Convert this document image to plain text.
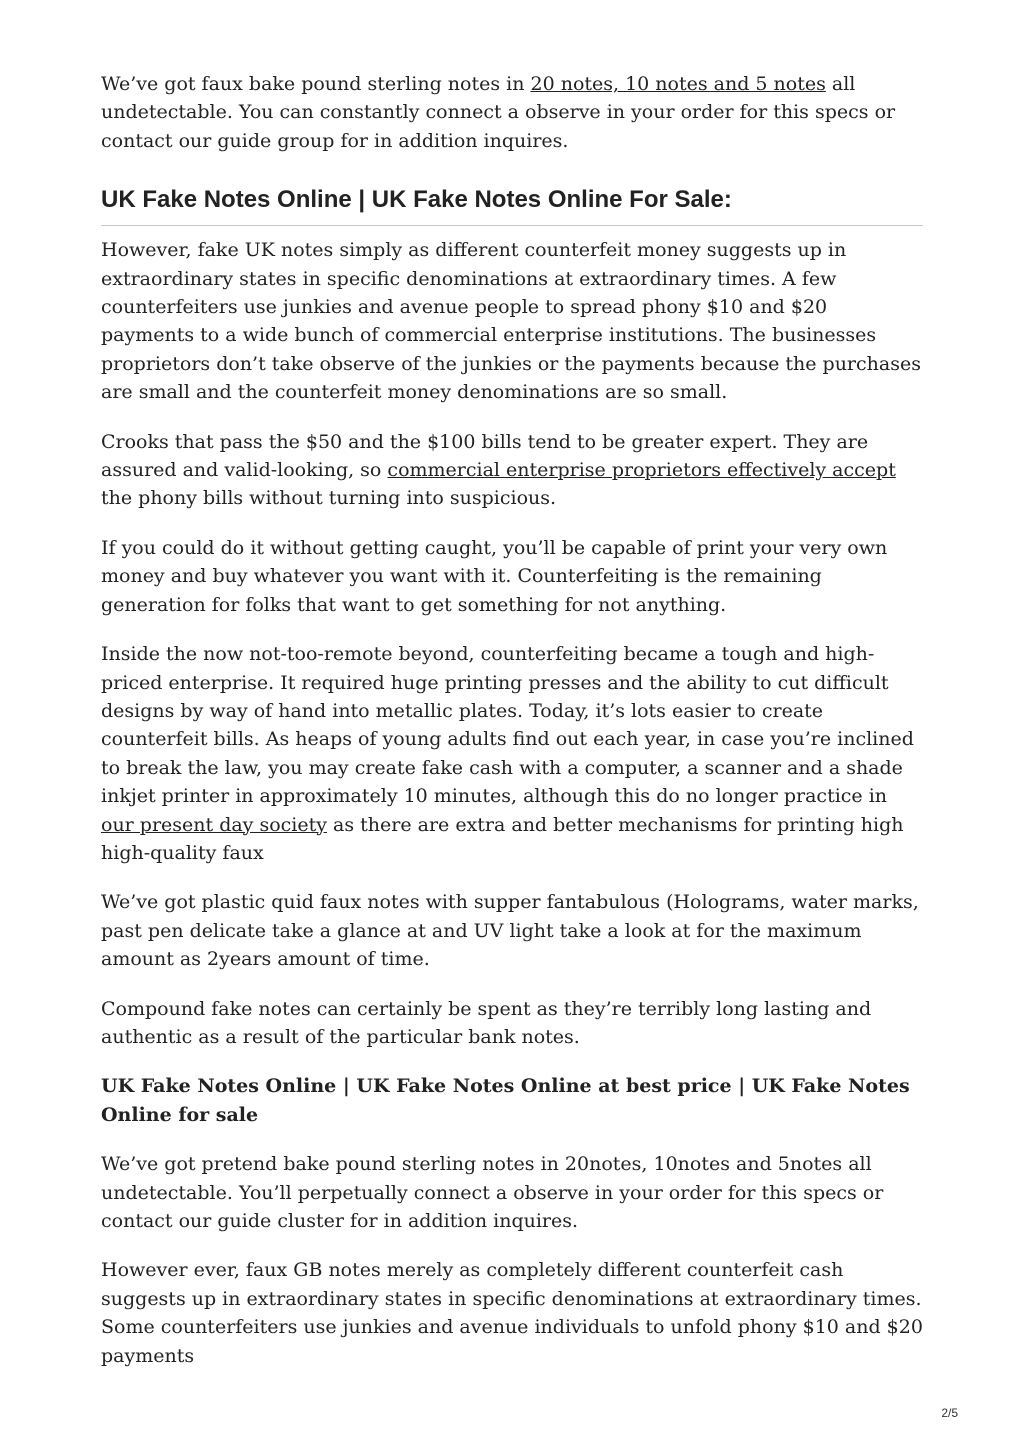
We’ve got faux bake pound sterling notes in 20 notes, 10 notes and 5 notes all undetectable. You can constantly connect a observe in your order for this specs or contact our guide group for in addition inquires.

UK Fake Notes Online | UK Fake Notes Online For Sale:

However, fake UK notes simply as different counterfeit money suggests up in extraordinary states in specific denominations at extraordinary times. A few counterfeiters use junkies and avenue people to spread phony $10 and $20 payments to a wide bunch of commercial enterprise institutions. The businesses proprietors don’t take observe of the junkies or the payments because the purchases are small and the counterfeit money denominations are so small.

Crooks that pass the $50 and the $100 bills tend to be greater expert. They are assured and valid-looking, so commercial enterprise proprietors effectively accept the phony bills without turning into suspicious.

If you could do it without getting caught, you’ll be capable of print your very own money and buy whatever you want with it. Counterfeiting is the remaining generation for folks that want to get something for not anything.

Inside the now not-too-remote beyond, counterfeiting became a tough and high-priced enterprise. It required huge printing presses and the ability to cut difficult designs by way of hand into metallic plates. Today, it’s lots easier to create counterfeit bills. As heaps of young adults find out each year, in case you’re inclined to break the law, you may create fake cash with a computer, a scanner and a shade inkjet printer in approximately 10 minutes, although this do no longer practice in our present day society as there are extra and better mechanisms for printing high high-quality faux

We’ve got plastic quid faux notes with supper fantabulous (Holograms, water marks, past pen delicate take a glance at and UV light take a look at for the maximum amount as 2years amount of time.

Compound fake notes can certainly be spent as they’re terribly long lasting and authentic as a result of the particular bank notes.

UK Fake Notes Online | UK Fake Notes Online at best price | UK Fake Notes Online for sale

We’ve got pretend bake pound sterling notes in 20notes, 10notes and 5notes all undetectable. You’ll perpetually connect a observe in your order for this specs or contact our guide cluster for in addition inquires.

However ever, faux GB notes merely as completely different counterfeit cash suggests up in extraordinary states in specific denominations at extraordinary times. Some counterfeiters use junkies and avenue individuals to unfold phony $10 and $20 payments

2/5
